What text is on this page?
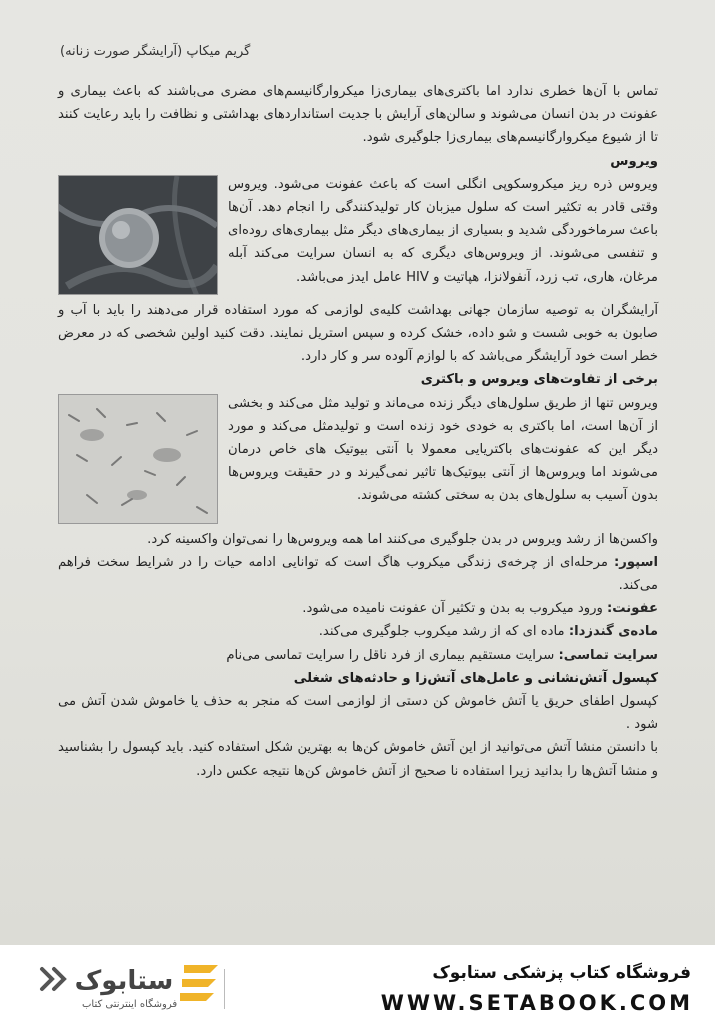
گریم میکاپ (آرایشگر صورت زنانه)

تماس با آن‌ها خطری ندارد اما باکتری‌های بیماری‌زا میکروارگانیسم‌های مضری می‌باشند که باعث بیماری و عفونت در بدن انسان می‌شوند و سالن‌های آرایش با جدیت استانداردهای بهداشتی و نظافت را باید رعایت کنند تا از شیوع میکروارگانیسم‌های بیماری‌زا جلوگیری شود.

ویروس

ویروس ذره ریز میکروسکوپی انگلی است که باعث عفونت می‌شود. ویروس وقتی قادر به تکثیر است که سلول میزبان کار تولیدکنندگی را انجام دهد. آن‌ها باعث سرماخوردگی شدید و بسیاری از بیماری‌های دیگر مثل بیماری‌های روده‌ای و تنفسی می‌شوند. از ویروس‌های دیگری که به انسان سرایت می‌کند آبله مرغان، هاری، تب زرد، آنفولانزا، هپاتیت و HIV عامل ایدز می‌باشد.

آرایشگران به توصیه سازمان جهانی بهداشت کلیه‌ی لوازمی که مورد استفاده قرار می‌دهند را باید با آب و صابون به خوبی شست و شو داده، خشک کرده و سپس استریل نمایند. دقت کنید اولین شخصی که در معرض خطر است خود آرایشگر می‌باشد که با لوازم آلوده سر و کار دارد.

برخی از تفاوت‌های ویروس و باکتری

ویروس تنها از طریق سلول‌های دیگر زنده می‌ماند و تولید مثل می‌کند و بخشی از آن‌ها است، اما باکتری به خودی خود زنده است و تولیدمثل می‌کند و مورد دیگر این که عفونت‌های باکتریایی معمولا با آنتی بیوتیک های خاص درمان می‌شوند اما ویروس‌ها از آنتی بیوتیک‌ها تاثیر نمی‌گیرند و در حقیقت ویروس‌ها بدون آسیب به سلول‌های بدن به سختی کشته می‌شوند.

واکسن‌ها از رشد ویروس در بدن جلوگیری می‌کنند اما همه ویروس‌ها را نمی‌توان واکسینه کرد.

اسپور: مرحله‌ای از چرخه‌ی زندگی میکروب هاگ است که توانایی ادامه حیات را در شرایط سخت فراهم می‌کند.

عفونت: ورود میکروب به بدن و تکثیر آن عفونت نامیده می‌شود.

ماده‌ی گندزدا: ماده ای که از رشد میکروب جلوگیری می‌کند.

سرایت تماسی: سرایت مستقیم بیماری از فرد ناقل را سرایت تماسی می‌نام

کپسول آتش‌نشانی و عامل‌های آتش‌زا و حادثه‌های شغلی

کپسول اطفای حریق یا آتش خاموش کن دستی از لوازمی است که منجر به حذف یا خاموش شدن آتش می شود .

با دانستن منشا آتش می‌توانید از این آتش خاموش کن‌ها به بهترین شکل استفاده کنید. باید کپسول را بشناسید و منشا آتش‌ها را بدانید زیرا استفاده نا صحیح از آتش خاموش کن‌ها نتیجه عکس دارد.

ستابوک
فروشگاه اینترنتی کتاب
فروشگاه کتاب پزشکی ستابوک
WWW.SETABOOK.COM
